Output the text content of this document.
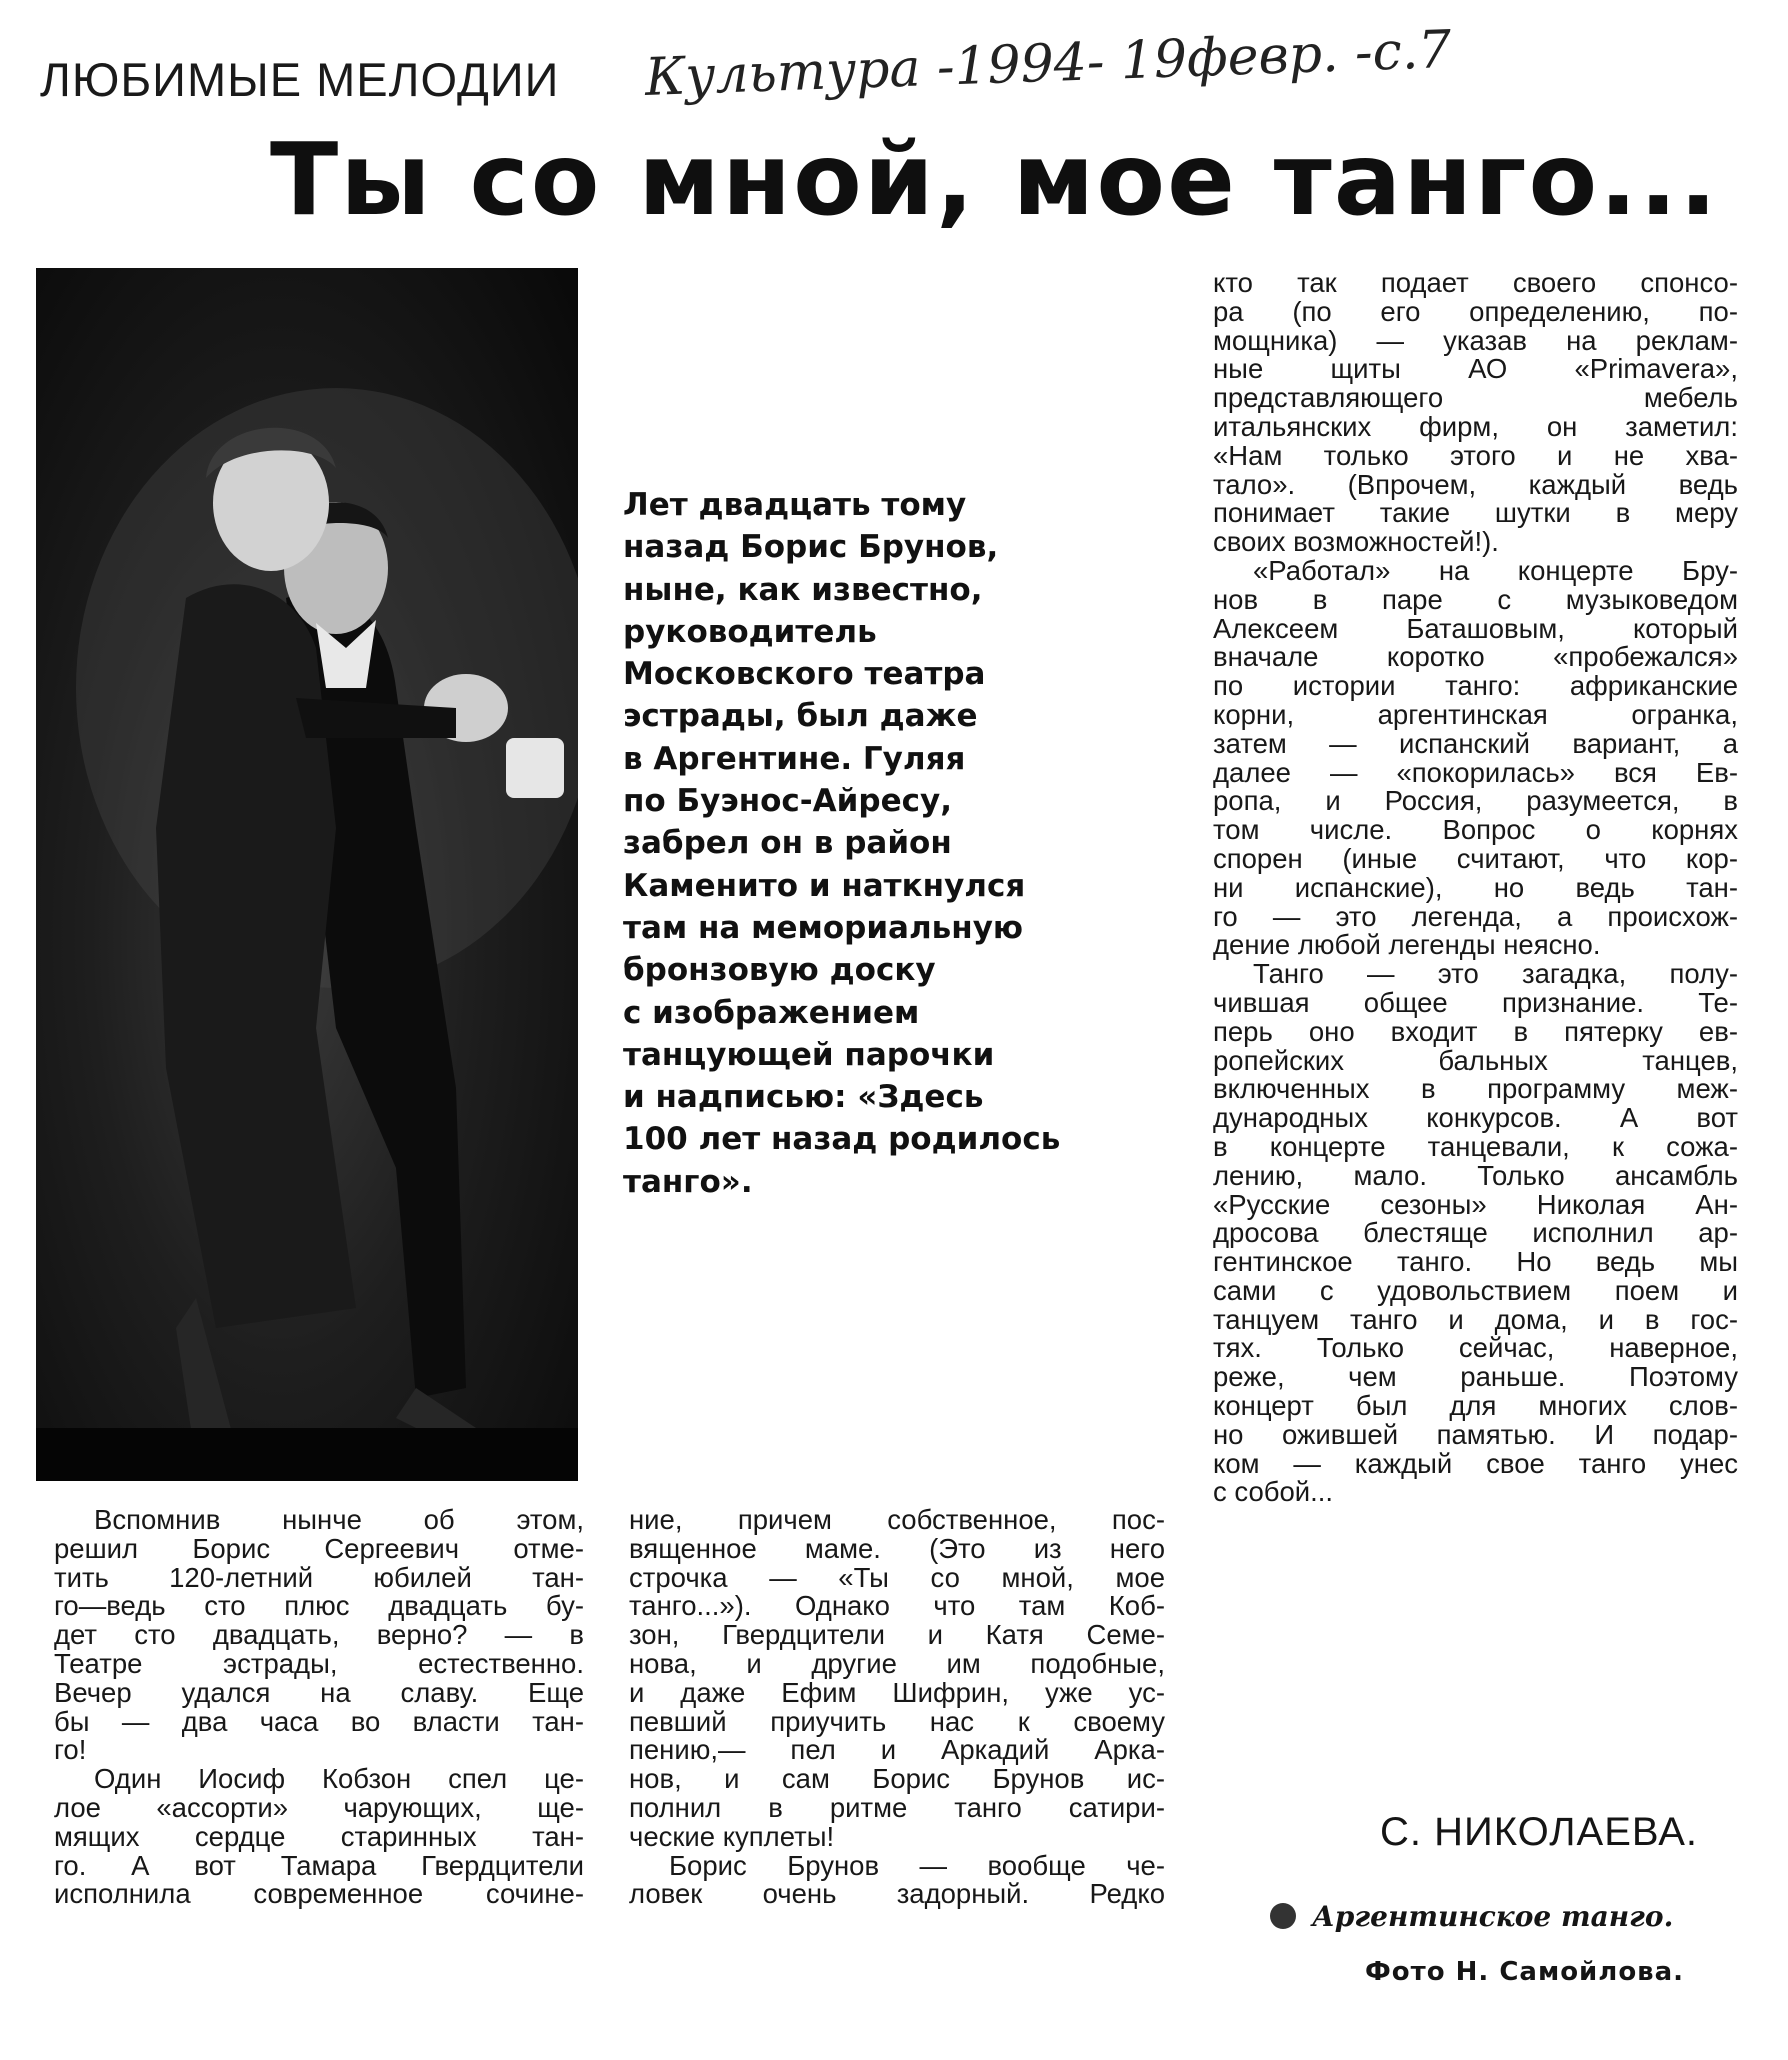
ЛЮБИМЫЕ МЕЛОДИИ Культура -1994- 19февр. -с.7
Ты со мной, мое танго...
Лет двадцать тому
назад Борис Брунов,
ныне, как известно,
руководитель
Московского театра
эстрады, был даже
в Аргентине. Гуляя
по Буэнос-Айресу,
забрел он в район
Каменито и наткнулся
там на мемориальную
бронзовую доску
с изображением
танцующей парочки
и надписью: «Здесь
100 лет назад родилось
танго».
Вспомнив нынче об этом,
решил Борис Сергеевич отме-
тить 120-летний юбилей тан-
го—ведь сто плюс двадцать бу-
дет сто двадцать, верно? — в
Театре эстрады, естественно.
Вечер удался на славу. Еще
бы — два часа во власти тан-
го!
Один Иосиф Кобзон спел це-
лое «ассорти» чарующих, ще-
мящих сердце старинных тан-
го. А вот Тамара Гвердцители
исполнила современное сочине-
ние, причем собственное, пос-
вященное маме. (Это из него
строчка — «Ты со мной, мое
танго...»). Однако что там Коб-
зон, Гвердцители и Катя Семе-
нова, и другие им подобные,
и даже Ефим Шифрин, уже ус-
певший приучить нас к своему
пению,— пел и Аркадий Арка-
нов, и сам Борис Брунов ис-
полнил в ритме танго сатири-
ческие куплеты!
Борис Брунов — вообще че-
ловек очень задорный. Редко
кто так подает своего спонсо-
ра (по его определению, по-
мощника) — указав на реклам-
ные щиты АО «Primavera»,
представляющего мебель
итальянских фирм, он заметил:
«Нам только этого и не хва-
тало». (Впрочем, каждый ведь
понимает такие шутки в меру
своих возможностей!).
«Работал» на концерте Бру-
нов в паре с музыковедом
Алексеем Баташовым, который
вначале коротко «пробежался»
по истории танго: африканские
корни, аргентинская огранка,
затем — испанский вариант, а
далее — «покорилась» вся Ев-
ропа, и Россия, разумеется, в
том числе. Вопрос о корнях
спорен (иные считают, что кор-
ни испанские), но ведь тан-
го — это легенда, а происхож-
дение любой легенды неясно.
Танго — это загадка, полу-
чившая общее признание. Те-
перь оно входит в пятерку ев-
ропейских бальных танцев,
включенных в программу меж-
дународных конкурсов. А вот
в концерте танцевали, к сожа-
лению, мало. Только ансамбль
«Русские сезоны» Николая Ан-
дросова блестяще исполнил ар-
гентинское танго. Но ведь мы
сами с удовольствием поем и
танцуем танго и дома, и в гос-
тях. Только сейчас, наверное,
реже, чем раньше. Поэтому
концерт был для многих слов-
но ожившей памятью. И подар-
ком — каждый свое танго унес
с собой...
С. НИКОЛАЕВА.
Аргентинское танго.
Фото Н. Самойлова.
